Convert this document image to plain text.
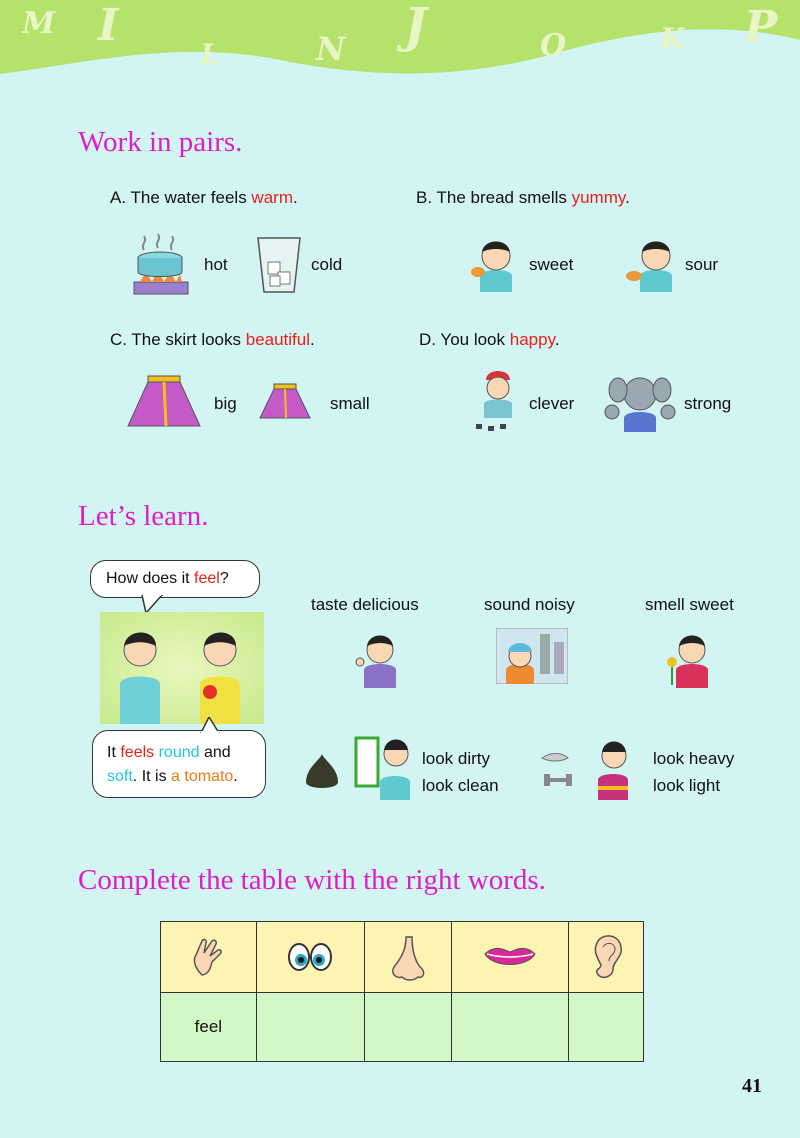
M I
L	N J	O	K P
Work in pairs.
A. The water feels warm.	B. The bread smells yummy.
hot	cold	sweet	sour
C. The skirt looks beautiful.	D. You look happy.
big	small	clever	strong
Let’s learn.
How does it feel?
It feels round and
soft. It is a tomato.
taste delicious	sound noisy	smell sweet
look dirty
look clean
look heavy
look light
Complete the table with the right words.

feel				
41
